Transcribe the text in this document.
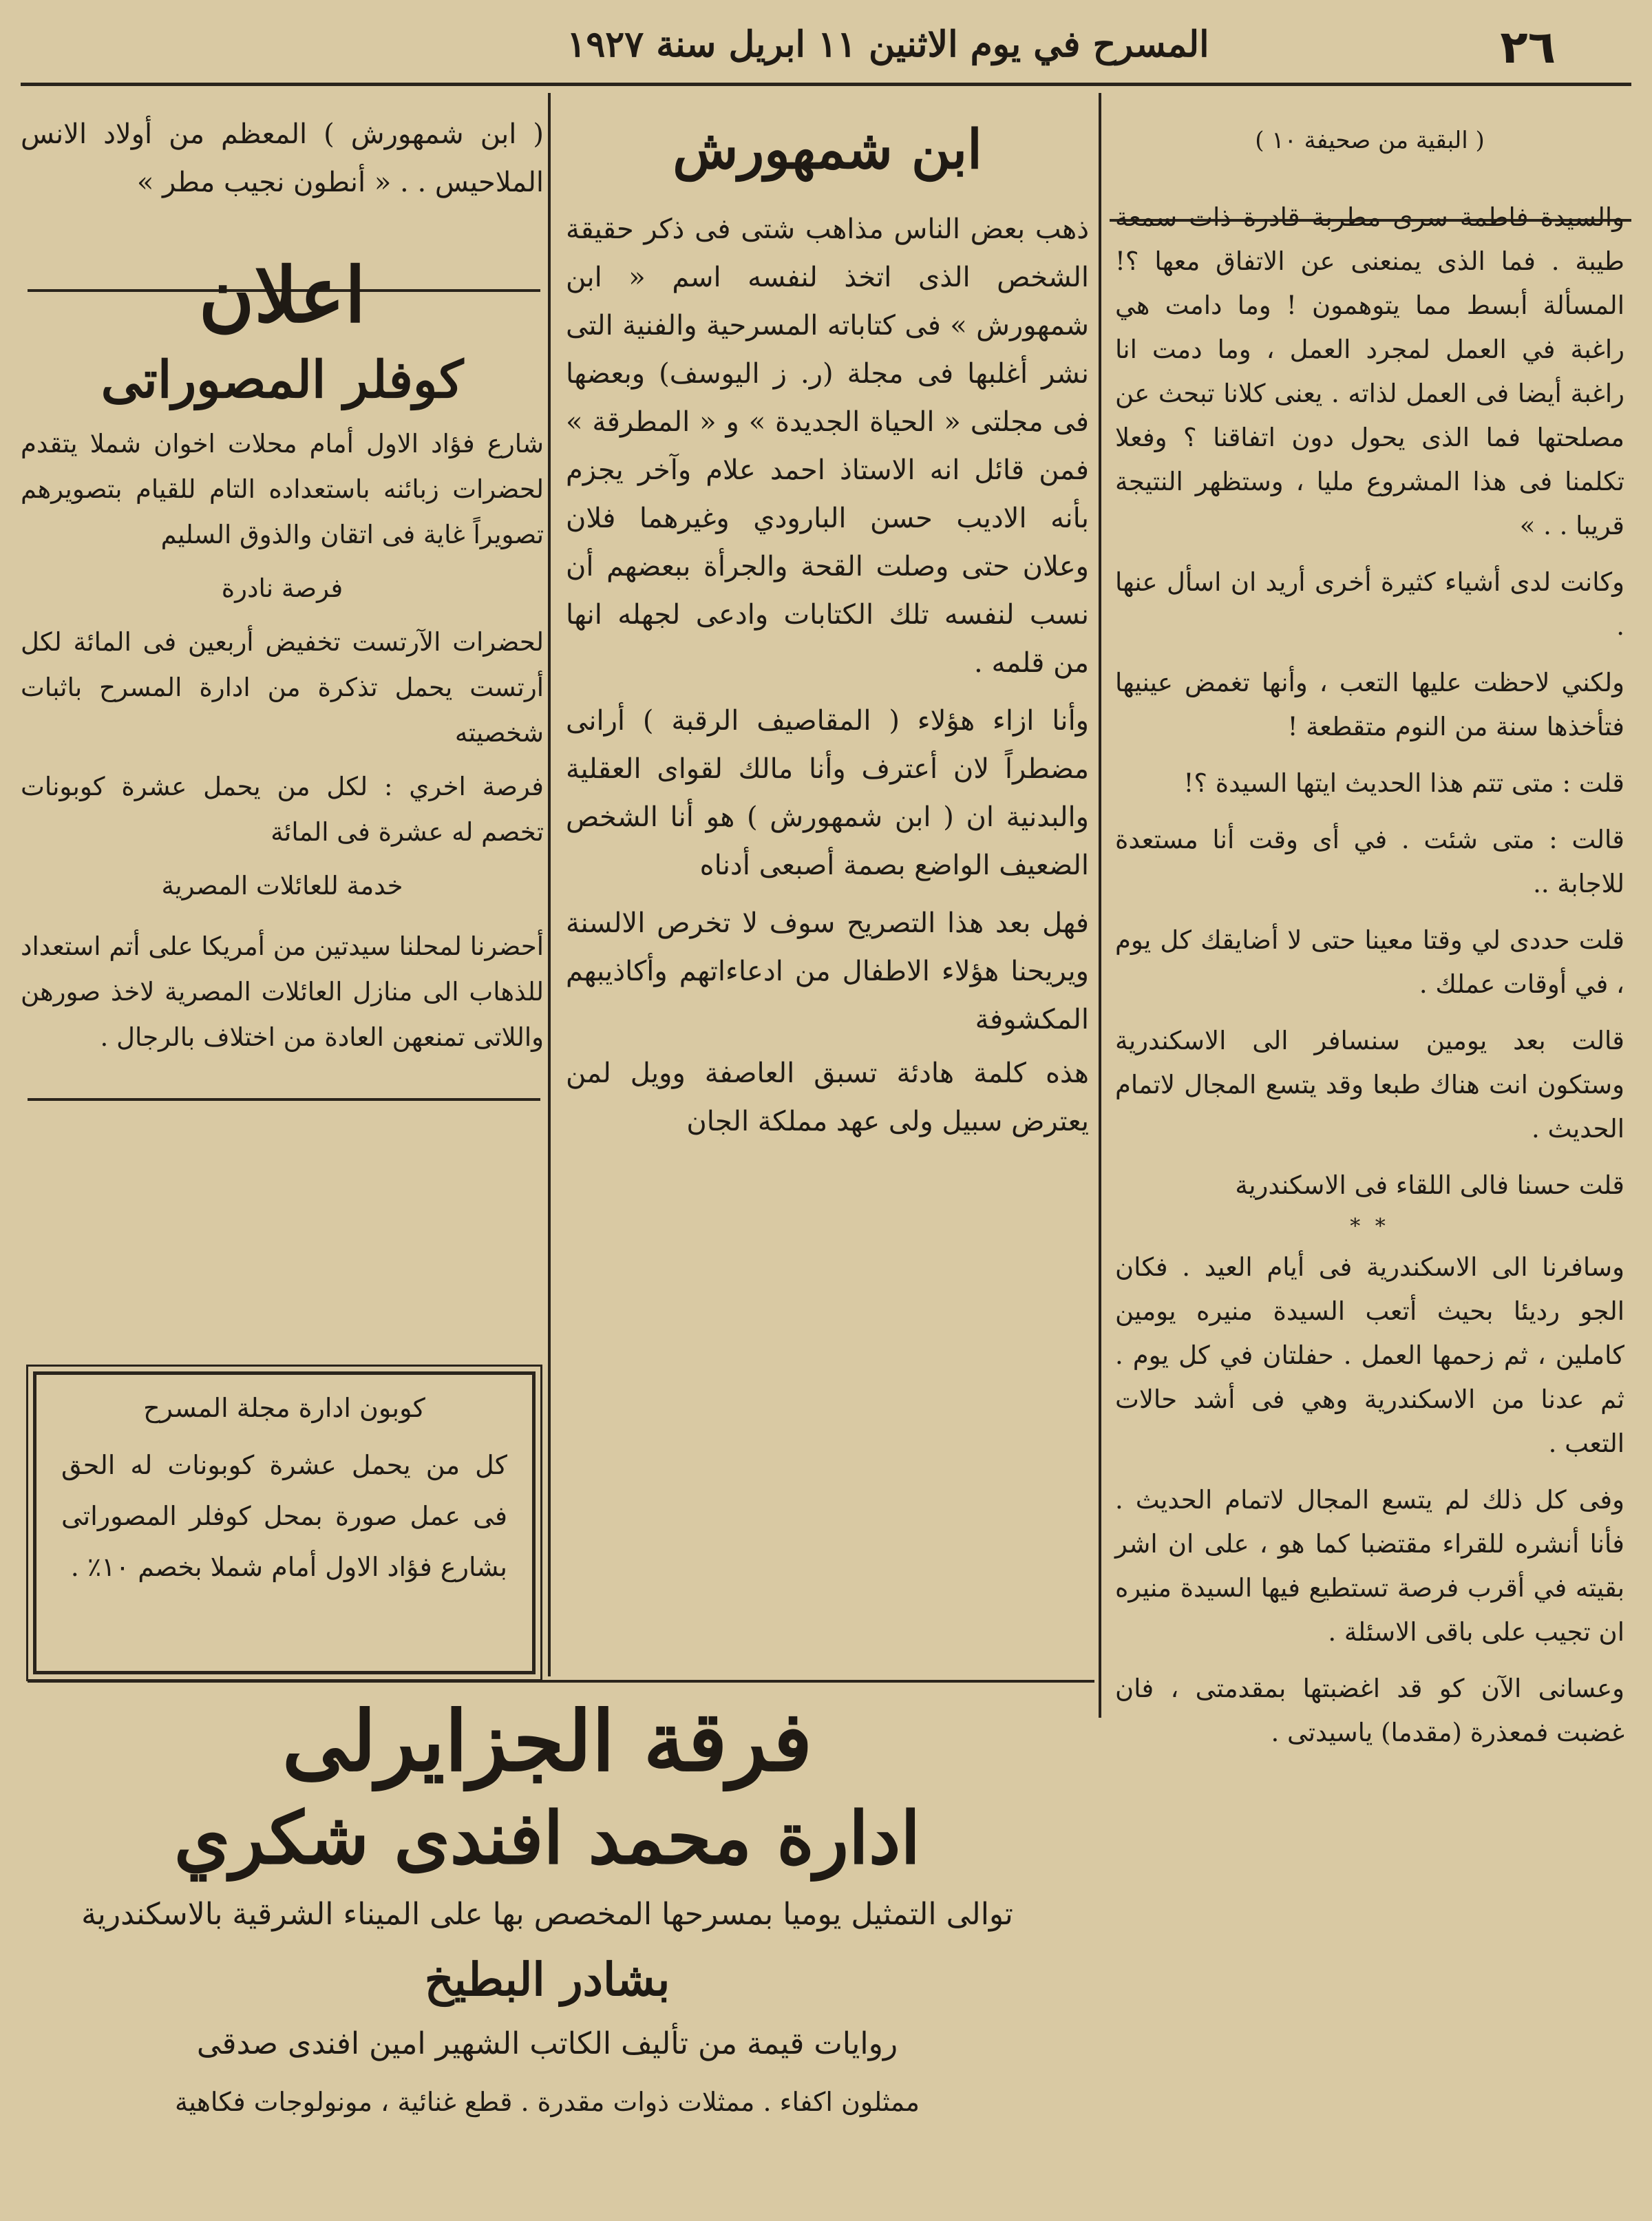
٢٦
المسرح في يوم الاثنين ١١ ابريل سنة ١٩٢٧
( البقية من صحيفة ١٠ )

والسيدة فاطمة سرى مطربة قادرة ذات سمعة طيبة . فما الذى يمنعنى عن الاتفاق معها ؟! المسألة أبسط مما يتوهمون ! وما دامت هي راغبة في العمل لمجرد العمل ، وما دمت انا راغبة أيضا فى العمل لذاته . يعنى كلانا تبحث عن مصلحتها فما الذى يحول دون اتفاقنا ؟ وفعلا تكلمنا فى هذا المشروع مليا ، وستظهر النتيجة قريبا . . »

وكانت لدى أشياء كثيرة أخرى أريد ان اسأل عنها .

ولكني لاحظت عليها التعب ، وأنها تغمض عينيها فتأخذها سنة من النوم متقطعة !

قلت : متى تتم هذا الحديث ايتها السيدة ؟!

قالت : متى شئت . في أى وقت أنا مستعدة للاجابة ..

قلت حددى لي وقتا معينا حتى لا أضايقك كل يوم ، في أوقات عملك .

قالت بعد يومين سنسافر الى الاسكندرية وستكون انت هناك طبعا وقد يتسع المجال لاتمام الحديث .

قلت حسنا فالى اللقاء فى الاسكندرية

* *

وسافرنا الى الاسكندرية فى أيام العيد . فكان الجو رديئا بحيث أتعب السيدة منيره يومين كاملين ، ثم زحمها العمل . حفلتان في كل يوم . ثم عدنا من الاسكندرية وهي فى أشد حالات التعب .

وفى كل ذلك لم يتسع المجال لاتمام الحديث . فأنا أنشره للقراء مقتضبا كما هو ، على ان اشر بقيته في أقرب فرصة تستطيع فيها السيدة منيره ان تجيب على باقى الاسئلة .

وعسانى الآن كو قد اغضبتها بمقدمتى ، فان غضبت فمعذرة (مقدما) ياسيدتى .

ابن شمهورش

ذهب بعض الناس مذاهب شتى فى ذكر حقيقة الشخص الذى اتخذ لنفسه اسم « ابن شمهورش » فى كتاباته المسرحية والفنية التى نشر أغلبها فى مجلة (ر. ز اليوسف) وبعضها فى مجلتى « الحياة الجديدة » و « المطرقة » فمن قائل انه الاستاذ احمد علام وآخر يجزم بأنه الاديب حسن البارودي وغيرهما فلان وعلان حتى وصلت القحة والجرأة ببعضهم أن نسب لنفسه تلك الكتابات وادعى لجهله انها من قلمه .

وأنا ازاء هؤلاء ( المقاصيف الرقبة ) أرانى مضطراً لان أعترف وأنا مالك لقواى العقلية والبدنية ان ( ابن شمهورش ) هو أنا الشخص الضعيف الواضع بصمة أصبعى أدناه

فهل بعد هذا التصريح سوف لا تخرص الالسنة ويريحنا هؤلاء الاطفال من ادعاءاتهم وأكاذيبهم المكشوفة

هذه كلمة هادئة تسبق العاصفة وويل لمن يعترض سبيل ولى عهد مملكة الجان

( ابن شمهورش ) المعظم من أولاد الانس الملاحيس . . « أنطون نجيب مطر »

اعلان
كوفلر المصوراتى

شارع فؤاد الاول أمام محلات اخوان شملا يتقدم لحضرات زبائنه باستعداده التام للقيام بتصويرهم تصويراً غاية فى اتقان والذوق السليم

فرصة نادرة

لحضرات الآرتست تخفيض أربعين فى المائة لكل أرتست يحمل تذكرة من ادارة المسرح باثبات شخصيته

فرصة اخري : لكل من يحمل عشرة كوبونات تخصم له عشرة فى المائة

خدمة للعائلات المصرية

أحضرنا لمحلنا سيدتين من أمريكا على أتم استعداد للذهاب الى منازل العائلات المصرية لاخذ صورهن واللاتى تمنعهن العادة من اختلاف بالرجال .

كوبون ادارة مجلة المسرح

كل من يحمل عشرة كوبونات له الحق فى عمل صورة بمحل كوفلر المصوراتى بشارع فؤاد الاول أمام شملا بخصم ١٠٪ .

فرقة الجزايرلى
ادارة محمد افندى شكري

توالى التمثيل يوميا بمسرحها المخصص بها على الميناء الشرقية بالاسكندرية

بشادر البطيخ

روايات قيمة من تأليف الكاتب الشهير امين افندى صدقى

ممثلون اكفاء . ممثلات ذوات مقدرة . قطع غنائية ، مونولوجات فكاهية
